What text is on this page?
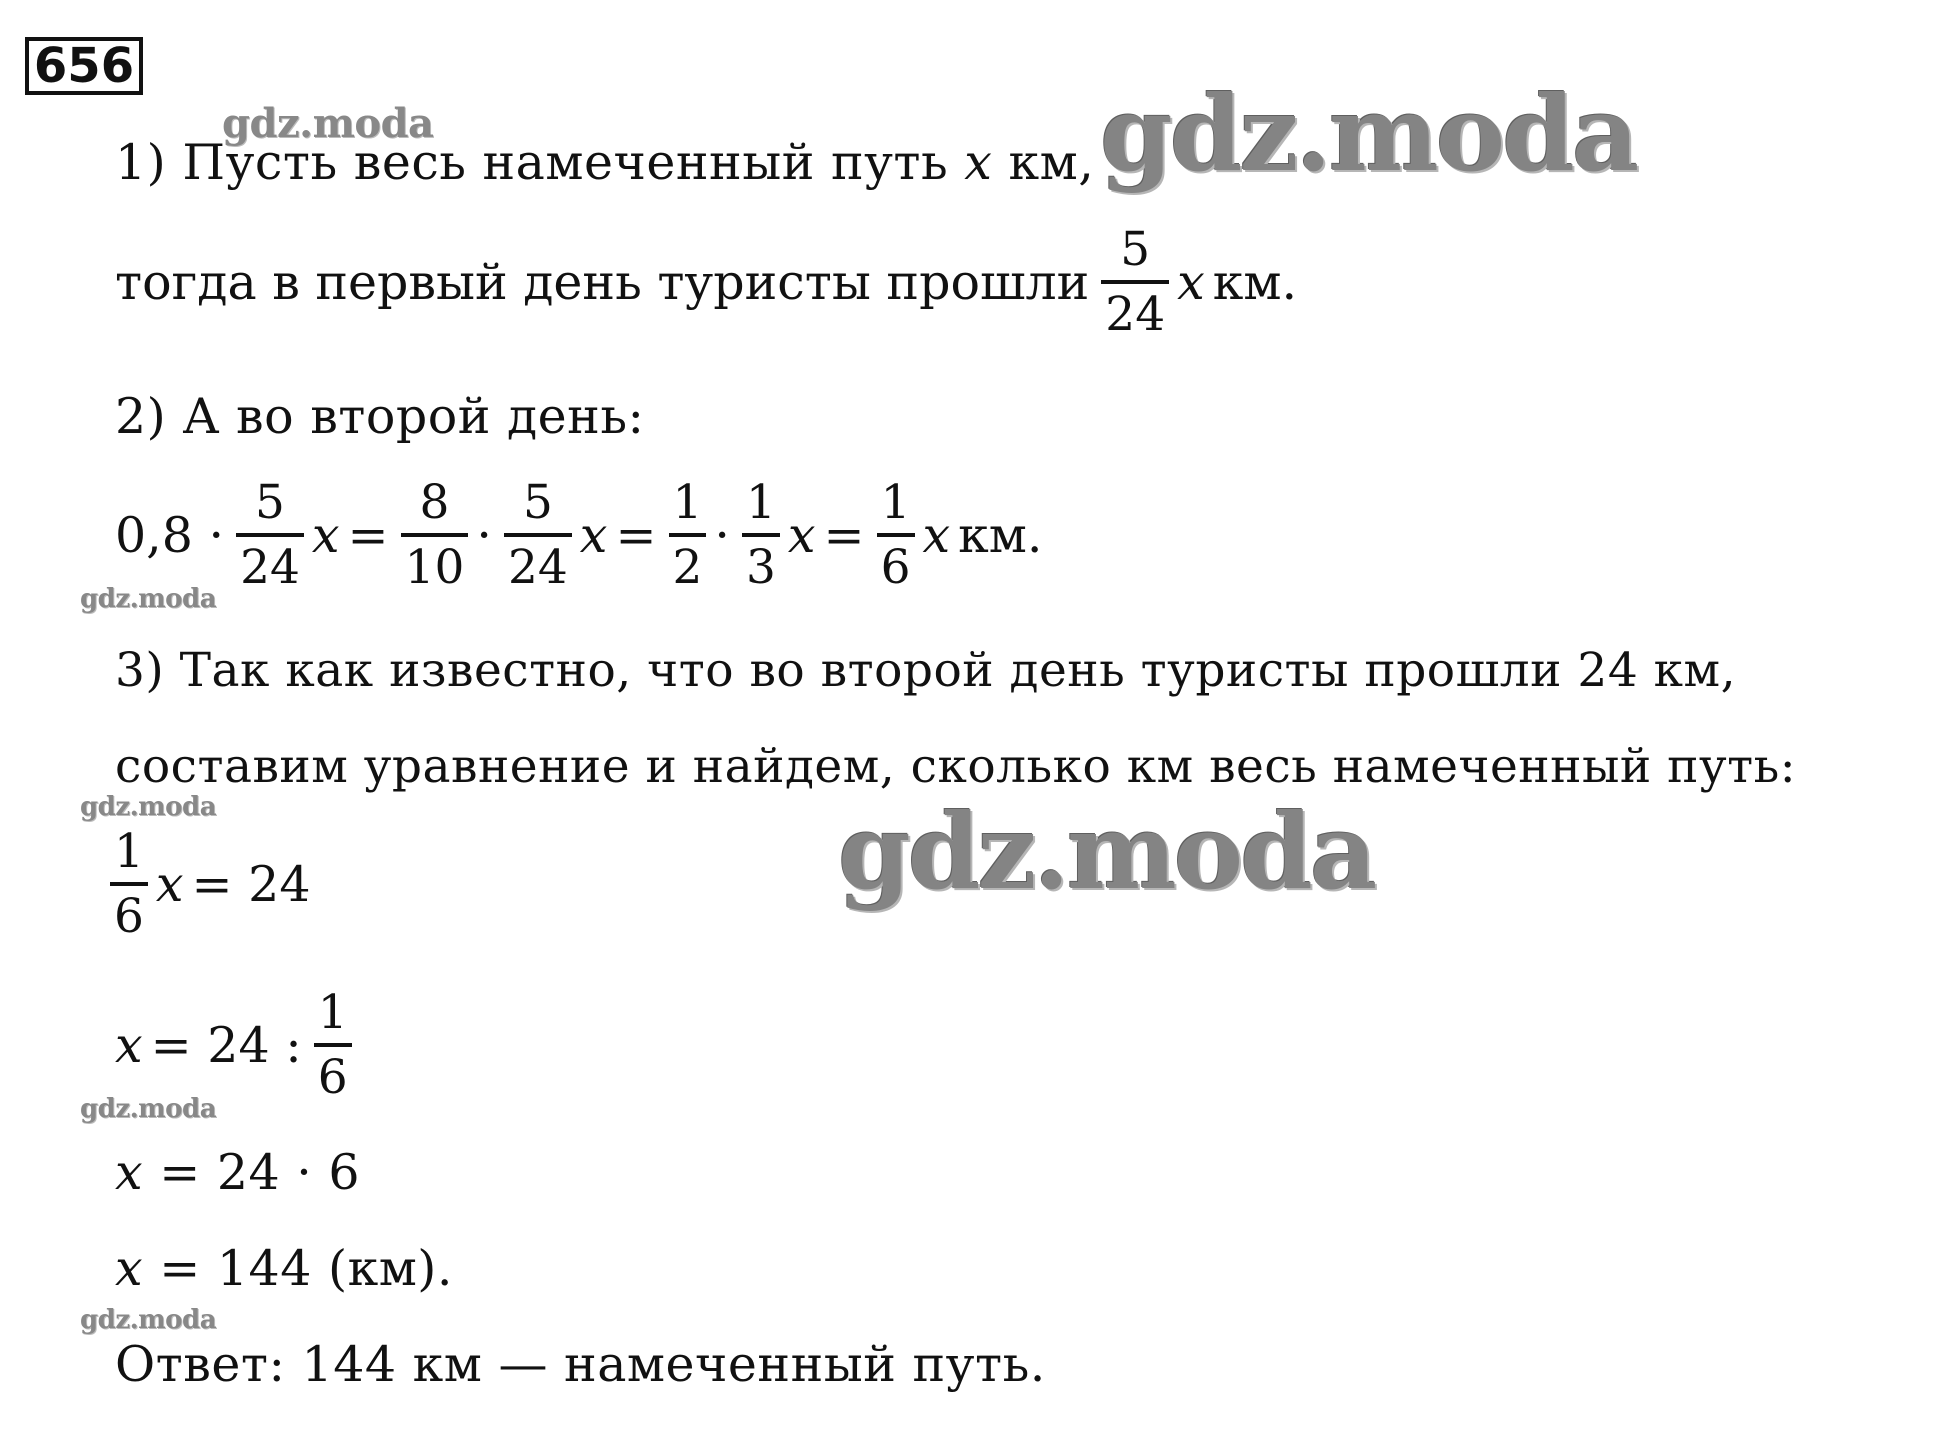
656
gdz.moda	gdz.moda
gdz.moda
gdz.moda	gdz.moda
gdz.moda
gdz.moda
1) Пусть весь намеченный путь x км,
тогда в первый день туристы прошли $\frac{5}{24}$ x км.
2) А во второй день:
$0,8 \cdot \frac{5}{24}$ $x = \frac{8}{10} \cdot \frac{5}{24}$ $x = \frac{1}{2} \cdot \frac{1}{3}$ $x = \frac{1}{6}$ x км.
3) Так как известно, что во второй день туристы прошли 24 км,
составим уравнение и найдем, сколько км весь намеченный путь:
$\frac{1}{6}$ x = 24
x = 24 : $\frac{1}{6}$
x = 24 · 6
x = 144 (км).
Ответ: 144 км — намеченный путь.
